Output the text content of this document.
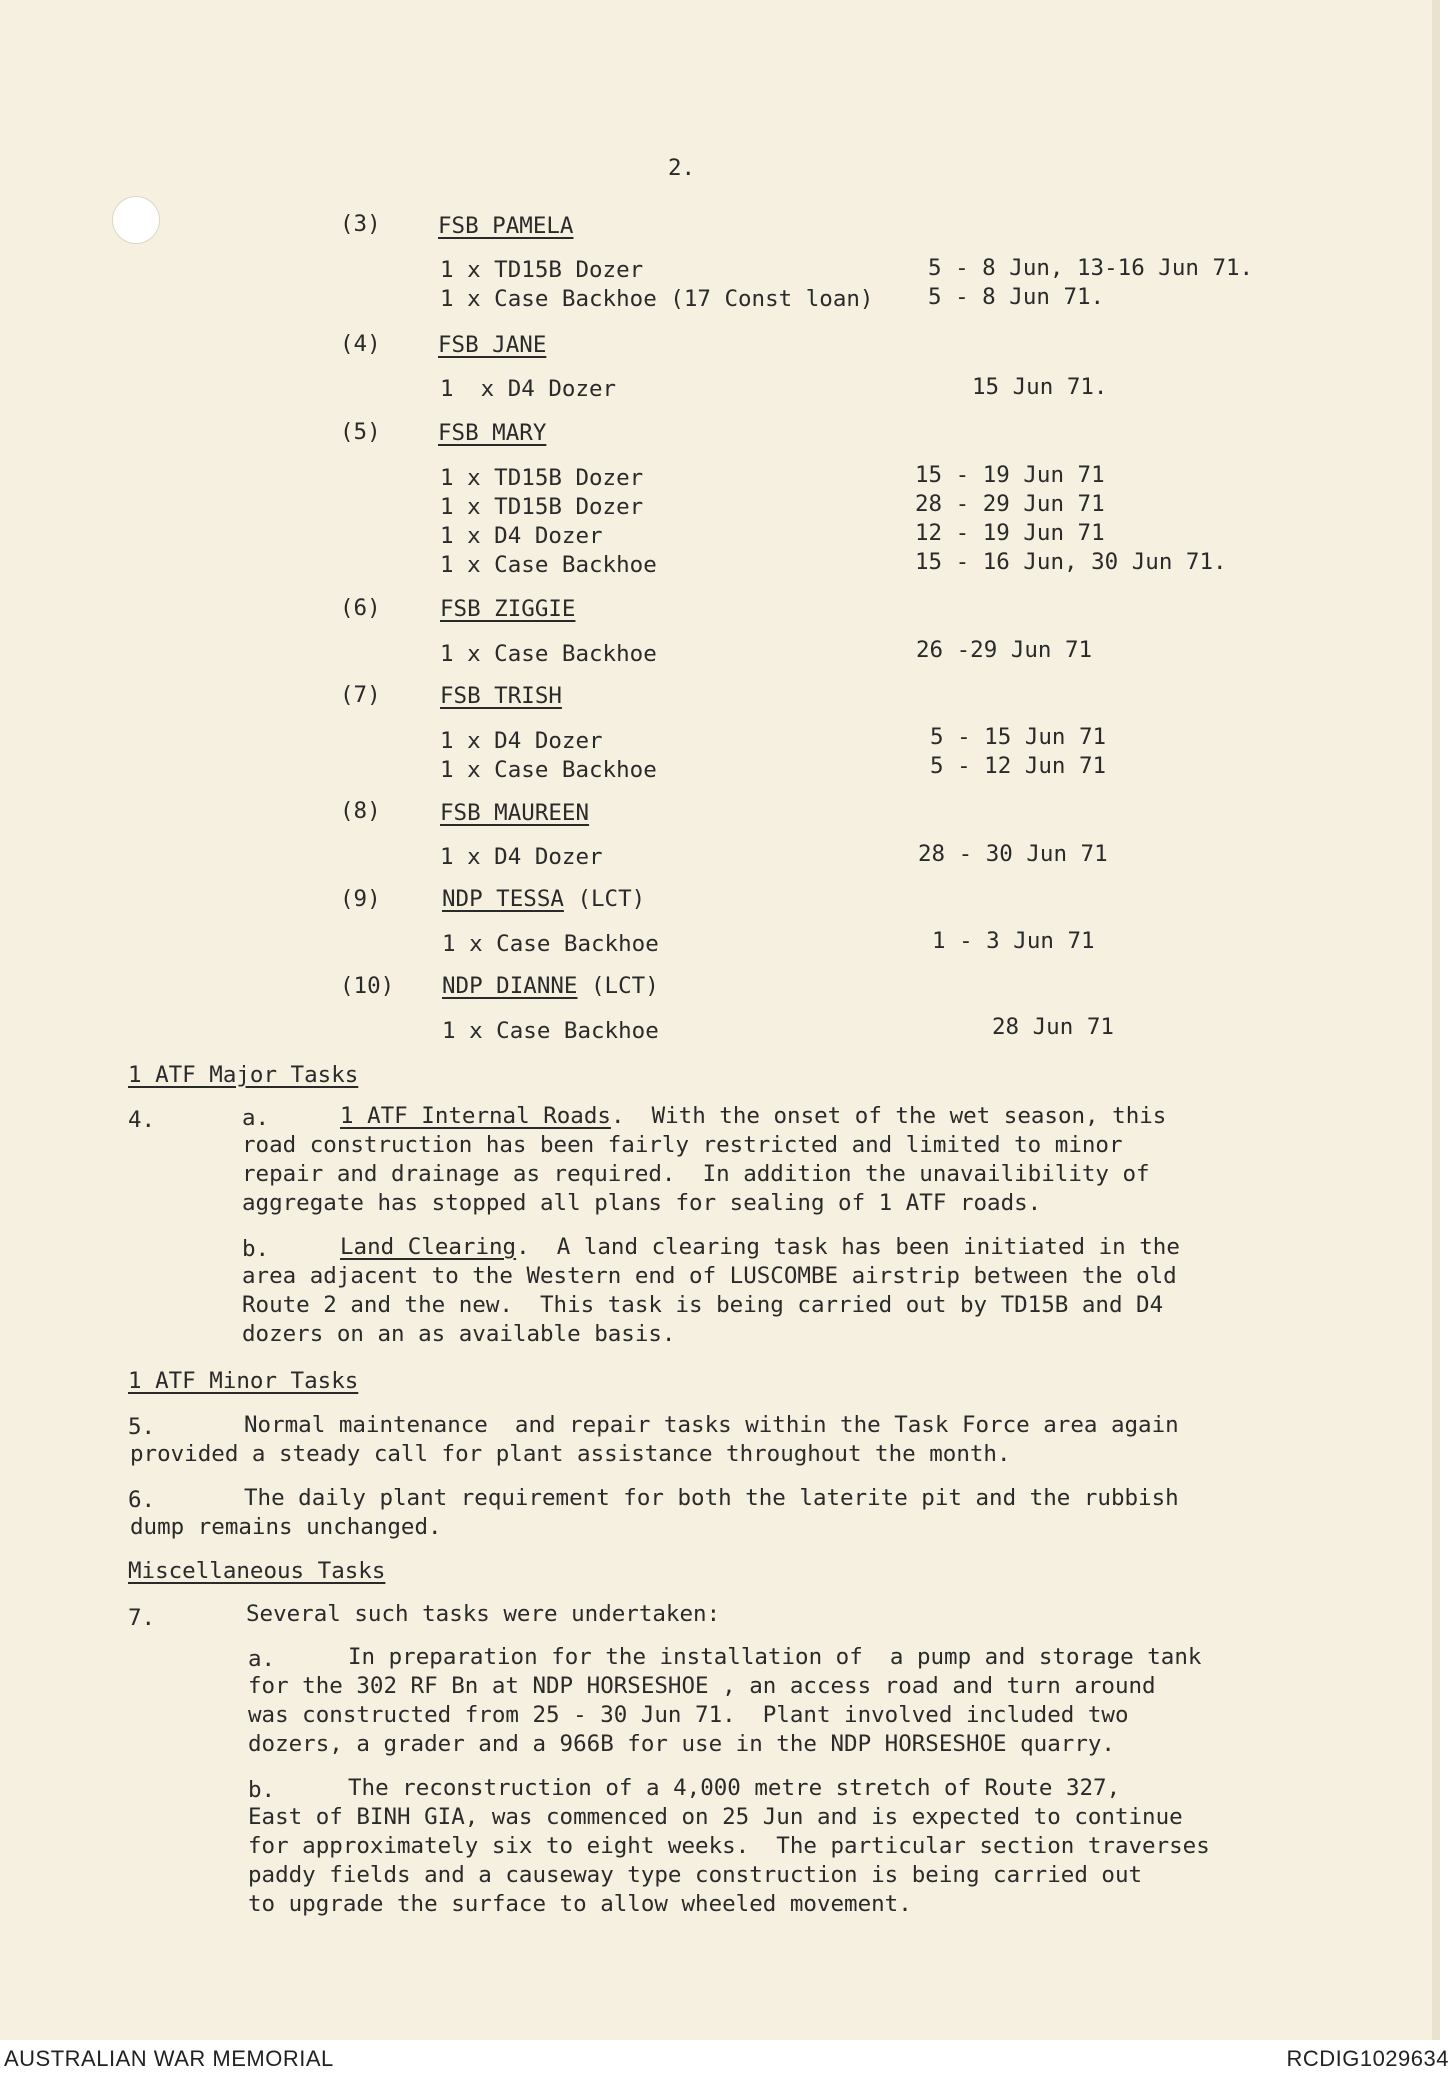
2.
(3)	FSB PAMELA
1 x TD15B Dozer	5 - 8 Jun, 13-16 Jun 71.
1 x Case Backhoe (17 Const loan) 5 - 8 Jun 71.
(4)	FSB JANE
1  x D4 Dozer	15 Jun 71.
(5)	FSB MARY
1 x TD15B Dozer	15 - 19 Jun 71
1 x TD15B Dozer	28 - 29 Jun 71
1 x D4 Dozer	12 - 19 Jun 71
1 x Case Backhoe	15 - 16 Jun, 30 Jun 71.
(6)	FSB ZIGGIE
1 x Case Backhoe	26 -29 Jun 71
(7)	FSB TRISH
1 x D4 Dozer	5 - 15 Jun 71
1 x Case Backhoe	5 - 12 Jun 71
(8)	FSB MAUREEN
1 x D4 Dozer	28 - 30 Jun 71
(9)	NDP TESSA (LCT)
1 x Case Backhoe	1 - 3 Jun 71
(10) NDP DIANNE (LCT)
1 x Case Backhoe	28 Jun 71
1 ATF Major Tasks
4.	a.	1 ATF Internal Roads.  With the onset of the wet season, this
road construction has been fairly restricted and limited to minor
repair and drainage as required.  In addition the unavailibility of
aggregate has stopped all plans for sealing of 1 ATF roads.
b.	Land Clearing.  A land clearing task has been initiated in the
area adjacent to the Western end of LUSCOMBE airstrip between the old
Route 2 and the new.  This task is being carried out by TD15B and D4
dozers on an as available basis.
1 ATF Minor Tasks
5.	Normal maintenance  and repair tasks within the Task Force area again
provided a steady call for plant assistance throughout the month.
6.	The daily plant requirement for both the laterite pit and the rubbish
dump remains unchanged.
Miscellaneous Tasks
7.	Several such tasks were undertaken:
a.	In preparation for the installation of  a pump and storage tank
for the 302 RF Bn at NDP HORSESHOE , an access road and turn around
was constructed from 25 - 30 Jun 71.  Plant involved included two
dozers, a grader and a 966B for use in the NDP HORSESHOE quarry.
b.	The reconstruction of a 4,000 metre stretch of Route 327,
East of BINH GIA, was commenced on 25 Jun and is expected to continue
for approximately six to eight weeks.  The particular section traverses
paddy fields and a causeway type construction is being carried out
to upgrade the surface to allow wheeled movement.
AUSTRALIAN WAR MEMORIAL	RCDIG1029634
